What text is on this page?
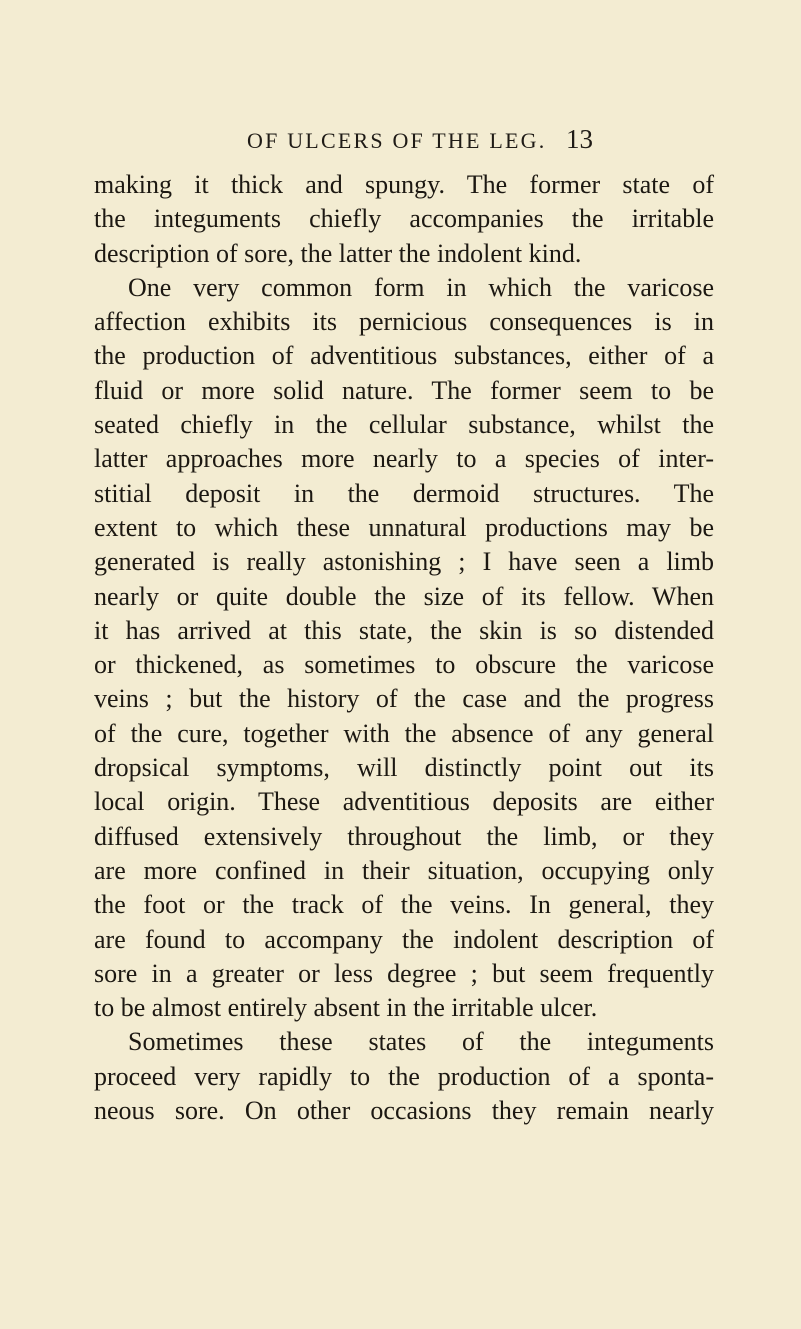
OF ULCERS OF THE LEG. 13
making it thick and spungy. The former state of
the integuments chiefly accompanies the irritable
description of sore, the latter the indolent kind.
One very common form in which the varicose
affection exhibits its pernicious consequences is in
the production of adventitious substances, either of a
fluid or more solid nature. The former seem to be
seated chiefly in the cellular substance, whilst the
latter approaches more nearly to a species of inter-
stitial deposit in the dermoid structures. The
extent to which these unnatural productions may be
generated is really astonishing ; I have seen a limb
nearly or quite double the size of its fellow. When
it has arrived at this state, the skin is so distended
or thickened, as sometimes to obscure the varicose
veins ; but the history of the case and the progress
of the cure, together with the absence of any general
dropsical symptoms, will distinctly point out its
local origin. These adventitious deposits are either
diffused extensively throughout the limb, or they
are more confined in their situation, occupying only
the foot or the track of the veins. In general, they
are found to accompany the indolent description of
sore in a greater or less degree ; but seem frequently
to be almost entirely absent in the irritable ulcer.
Sometimes these states of the integuments
proceed very rapidly to the production of a sponta-
neous sore. On other occasions they remain nearly
